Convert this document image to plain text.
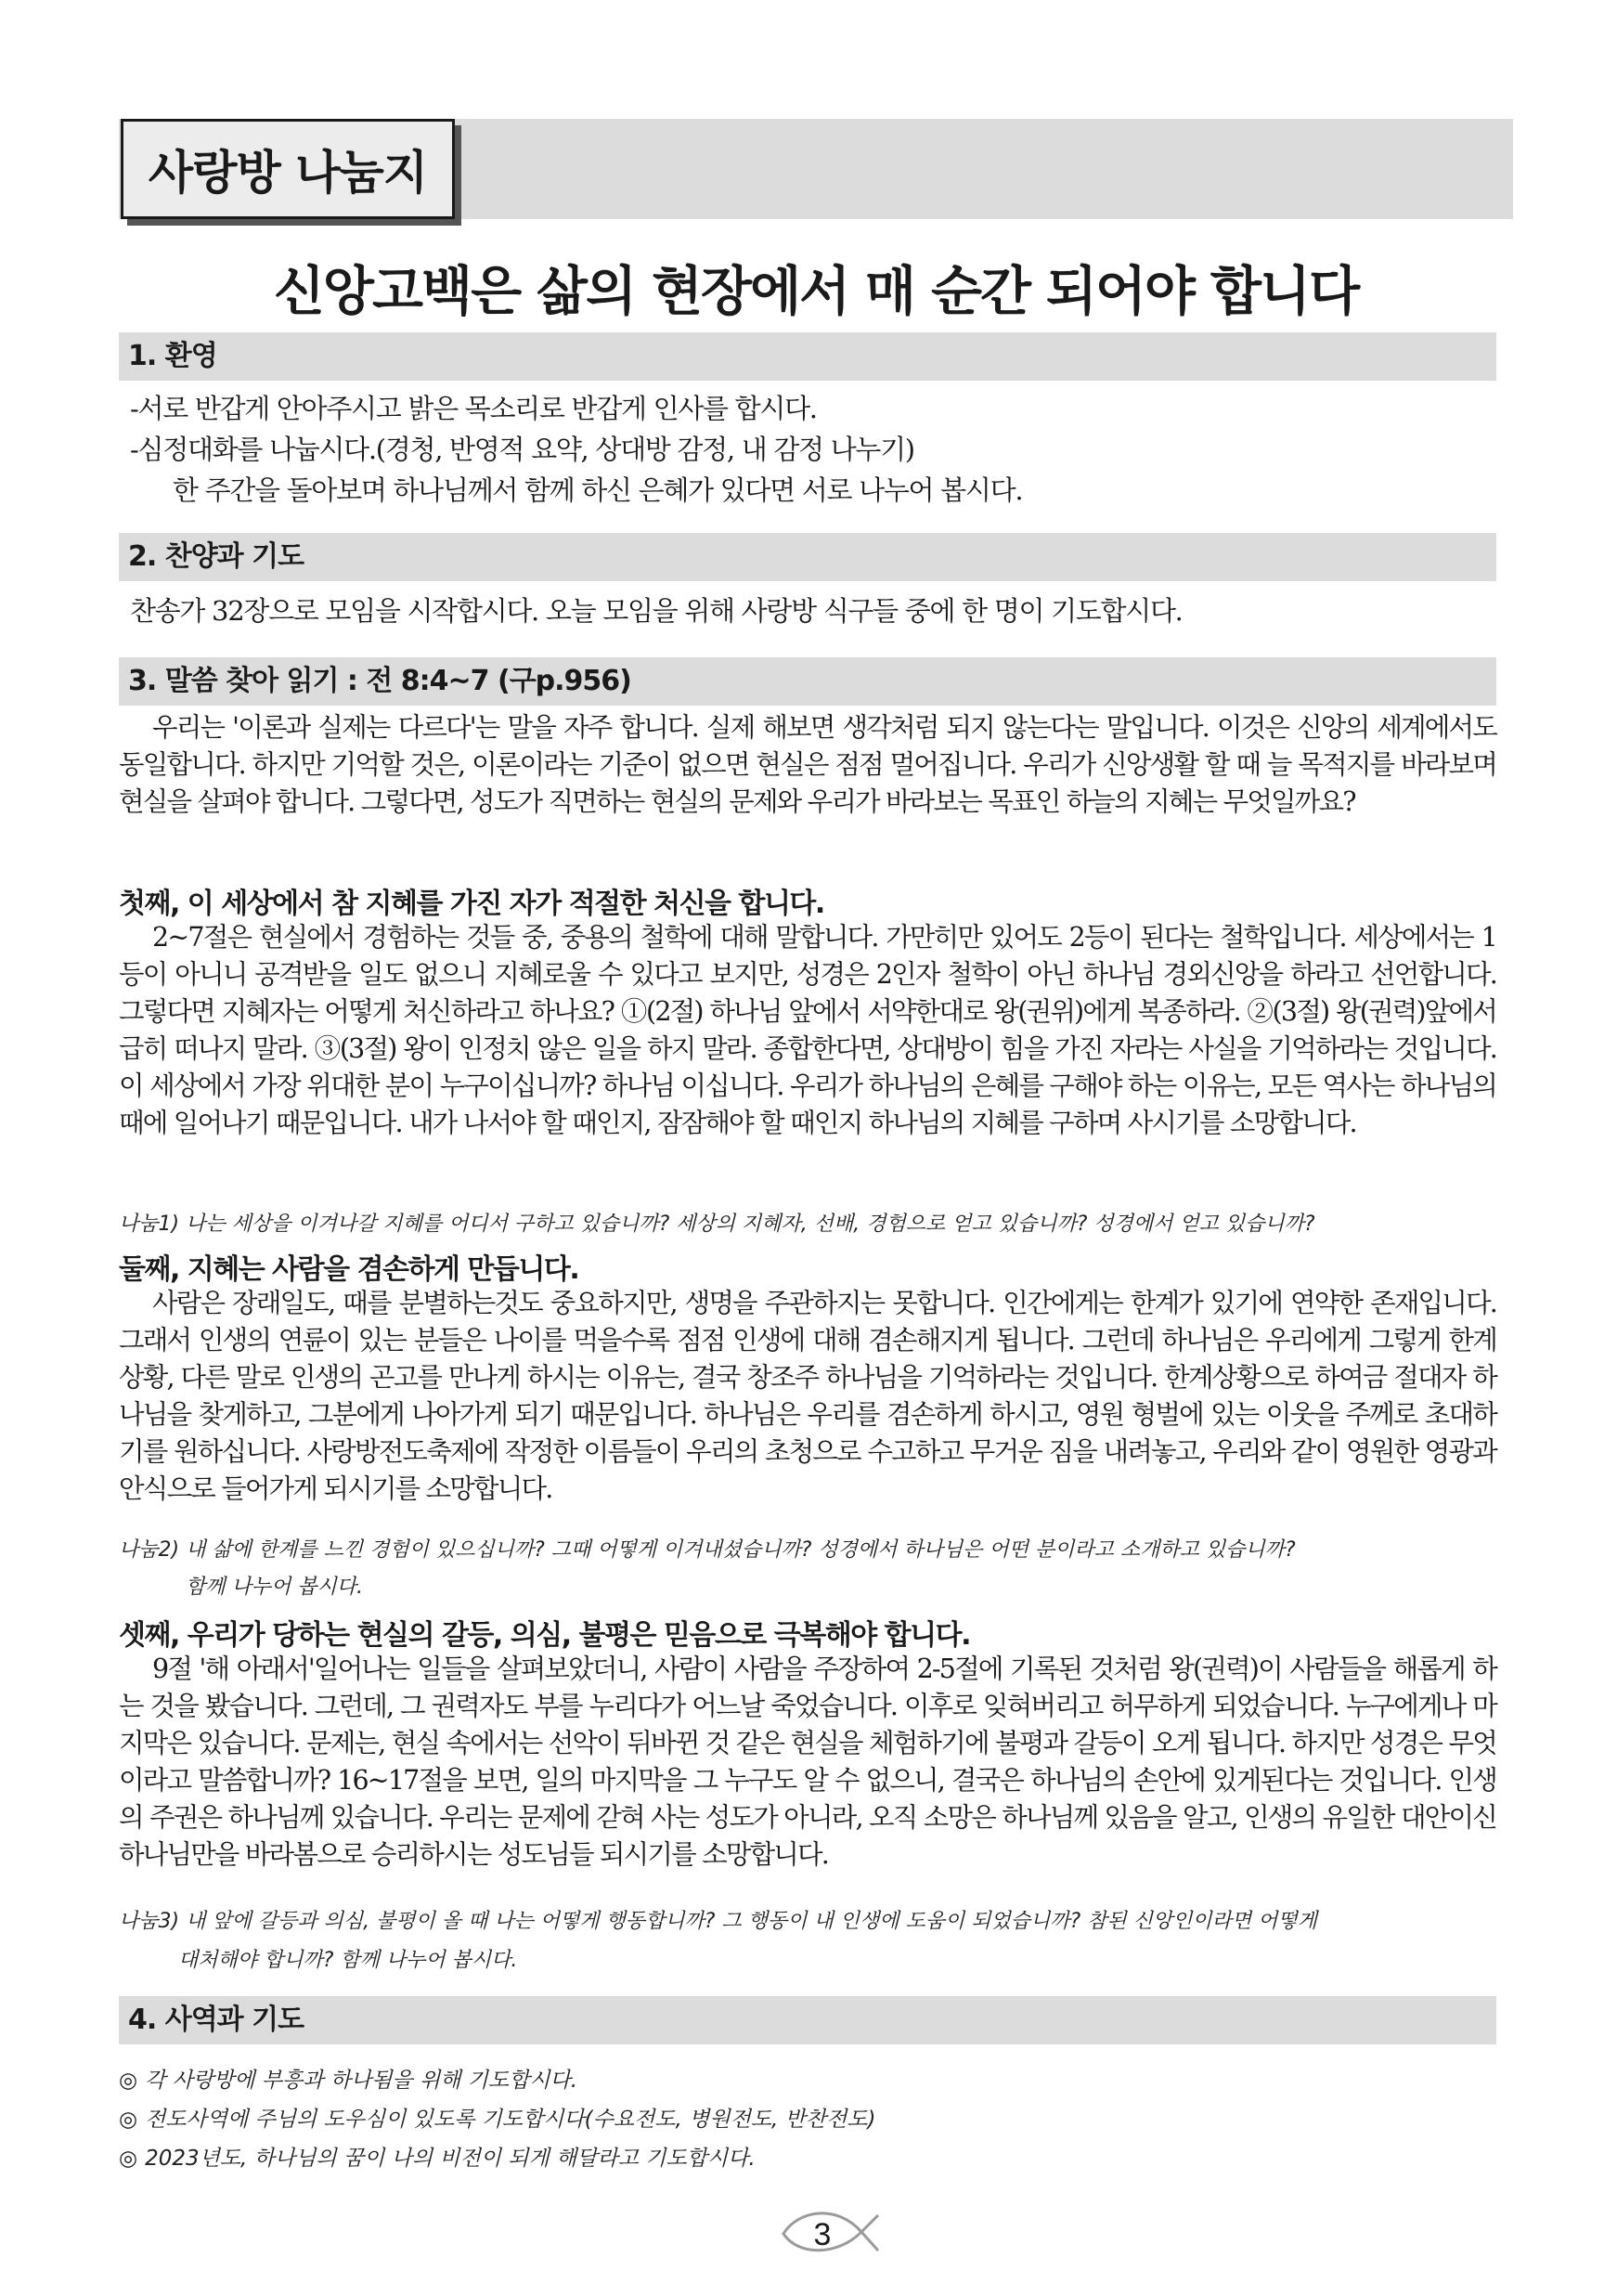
사랑방 나눔지
신앙고백은 삶의 현장에서 매 순간 되어야 합니다
1. 환영
-서로 반갑게 안아주시고 밝은 목소리로 반갑게 인사를 합시다.
-심정대화를 나눕시다.(경청, 반영적 요약, 상대방 감정, 내 감정 나누기)
한 주간을 돌아보며 하나님께서 함께 하신 은혜가 있다면 서로 나누어 봅시다.
2. 찬양과 기도
찬송가 32장으로 모임을 시작합시다. 오늘 모임을 위해 사랑방 식구들 중에 한 명이 기도합시다.
3. 말씀 찾아 읽기 : 전 8:4~7 (구p.956)
우리는 '이론과 실제는 다르다'는 말을 자주 합니다. 실제 해보면 생각처럼 되지 않는다는 말입니다. 이것은 신앙의 세계에서도 동일합니다. 하지만 기억할 것은, 이론이라는 기준이 없으면 현실은 점점 멀어집니다. 우리가 신앙생활 할 때 늘 목적지를 바라보며 현실을 살펴야 합니다. 그렇다면, 성도가 직면하는 현실의 문제와 우리가 바라보는 목표인 하늘의 지혜는 무엇일까요?
첫째, 이 세상에서 참 지혜를 가진 자가 적절한 처신을 합니다.
2~7절은 현실에서 경험하는 것들 중, 중용의 철학에 대해 말합니다. 가만히만 있어도 2등이 된다는 철학입니다. 세상에서는 1등이 아니니 공격받을 일도 없으니 지혜로울 수 있다고 보지만, 성경은 2인자 철학이 아닌 하나님 경외신앙을 하라고 선언합니다. 그렇다면 지혜자는 어떻게 처신하라고 하나요? ①(2절) 하나님 앞에서 서약한대로 왕(권위)에게 복종하라. ②(3절) 왕(권력)앞에서 급히 떠나지 말라. ③(3절) 왕이 인정치 않은 일을 하지 말라. 종합한다면, 상대방이 힘을 가진 자라는 사실을 기억하라는 것입니다. 이 세상에서 가장 위대한 분이 누구이십니까? 하나님 이십니다. 우리가 하나님의 은혜를 구해야 하는 이유는, 모든 역사는 하나님의 때에 일어나기 때문입니다. 내가 나서야 할 때인지, 잠잠해야 할 때인지 하나님의 지혜를 구하며 사시기를 소망합니다.
나눔1) 나는 세상을 이겨나갈 지혜를 어디서 구하고 있습니까? 세상의 지혜자, 선배, 경험으로 얻고 있습니까? 성경에서 얻고 있습니까?
둘째, 지혜는 사람을 겸손하게 만듭니다.
사람은 장래일도, 때를 분별하는것도 중요하지만, 생명을 주관하지는 못합니다. 인간에게는 한계가 있기에 연약한 존재입니다. 그래서 인생의 연륜이 있는 분들은 나이를 먹을수록 점점 인생에 대해 겸손해지게 됩니다. 그런데 하나님은 우리에게 그렇게 한계상황, 다른 말로 인생의 곤고를 만나게 하시는 이유는, 결국 창조주 하나님을 기억하라는 것입니다. 한계상황으로 하여금 절대자 하나님을 찾게하고, 그분에게 나아가게 되기 때문입니다. 하나님은 우리를 겸손하게 하시고, 영원 형벌에 있는 이웃을 주께로 초대하기를 원하십니다. 사랑방전도축제에 작정한 이름들이 우리의 초청으로 수고하고 무거운 짐을 내려놓고, 우리와 같이 영원한 영광과 안식으로 들어가게 되시기를 소망합니다.
나눔2) 내 삶에 한계를 느낀 경험이 있으십니까? 그때 어떻게 이겨내셨습니까? 성경에서 하나님은 어떤 분이라고 소개하고 있습니까?
함께 나누어 봅시다.
셋째, 우리가 당하는 현실의 갈등, 의심, 불평은 믿음으로 극복해야 합니다.
9절 '해 아래서'일어나는 일들을 살펴보았더니, 사람이 사람을 주장하여 2-5절에 기록된 것처럼 왕(권력)이 사람들을 해롭게 하는 것을 봤습니다. 그런데, 그 권력자도 부를 누리다가 어느날 죽었습니다. 이후로 잊혀버리고 허무하게 되었습니다. 누구에게나 마지막은 있습니다. 문제는, 현실 속에서는 선악이 뒤바뀐 것 같은 현실을 체험하기에 불평과 갈등이 오게 됩니다. 하지만 성경은 무엇이라고 말씀합니까? 16~17절을 보면, 일의 마지막을 그 누구도 알 수 없으니, 결국은 하나님의 손안에 있게된다는 것입니다. 인생의 주권은 하나님께 있습니다. 우리는 문제에 갇혀 사는 성도가 아니라, 오직 소망은 하나님께 있음을 알고, 인생의 유일한 대안이신 하나님만을 바라봄으로 승리하시는 성도님들 되시기를 소망합니다.
나눔3) 내 앞에 갈등과 의심, 불평이 올 때 나는 어떻게 행동합니까? 그 행동이 내 인생에 도움이 되었습니까? 참된 신앙인이라면 어떻게
대처해야 합니까? 함께 나누어 봅시다.
4. 사역과 기도
◎ 각 사랑방에 부흥과 하나됨을 위해 기도합시다.
◎ 전도사역에 주님의 도우심이 있도록 기도합시다(수요전도, 병원전도, 반찬전도)
◎ 2023년도, 하나님의 꿈이 나의 비전이 되게 해달라고 기도합시다.
3
